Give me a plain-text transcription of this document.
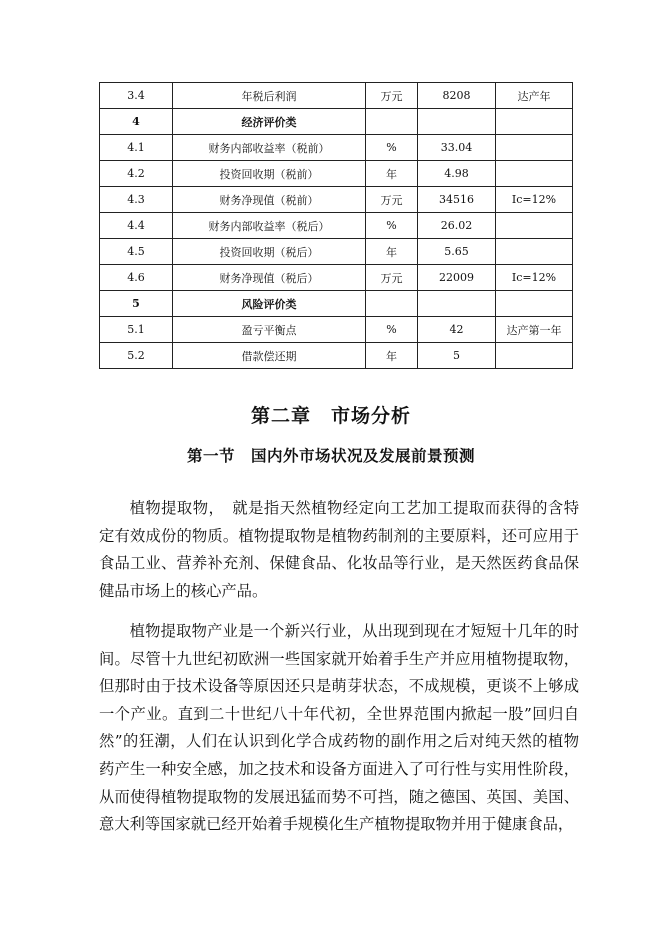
3.4	年税后利润	万元	8208	达产年
4	经济评价类			
4.1	财务内部收益率（税前）	%	33.04	
4.2	投资回收期（税前）	年	4.98	
4.3	财务净现值（税前）	万元	34516	Ic=12%
4.4	财务内部收益率（税后）	%	26.02	
4.5	投资回收期（税后）	年	5.65	
4.6	财务净现值（税后）	万元	22009	Ic=12%
5	风险评价类			
5.1	盈亏平衡点	%	42	达产第一年
5.2	借款偿还期	年	5	
第二章　市场分析
第一节　国内外市场状况及发展前景预测

植物提取物，　就是指天然植物经定向工艺加工提取而获得的含特定有效成份的物质。植物提取物是植物药制剂的主要原料，还可应用于食品工业、营养补充剂、保健食品、化妆品等行业，是天然医药食品保健品市场上的核心产品。

植物提取物产业是一个新兴行业，从出现到现在才短短十几年的时间。尽管十九世纪初欧洲一些国家就开始着手生产并应用植物提取物，但那时由于技术设备等原因还只是萌芽状态，不成规模，更谈不上够成一个产业。直到二十世纪八十年代初，全世界范围内掀起一股”回归自然”的狂潮，人们在认识到化学合成药物的副作用之后对纯天然的植物药产生一种安全感，加之技术和设备方面进入了可行性与实用性阶段，从而使得植物提取物的发展迅猛而势不可挡，随之德国、英国、美国、意大利等国家就已经开始着手规模化生产植物提取物并用于健康食品，
